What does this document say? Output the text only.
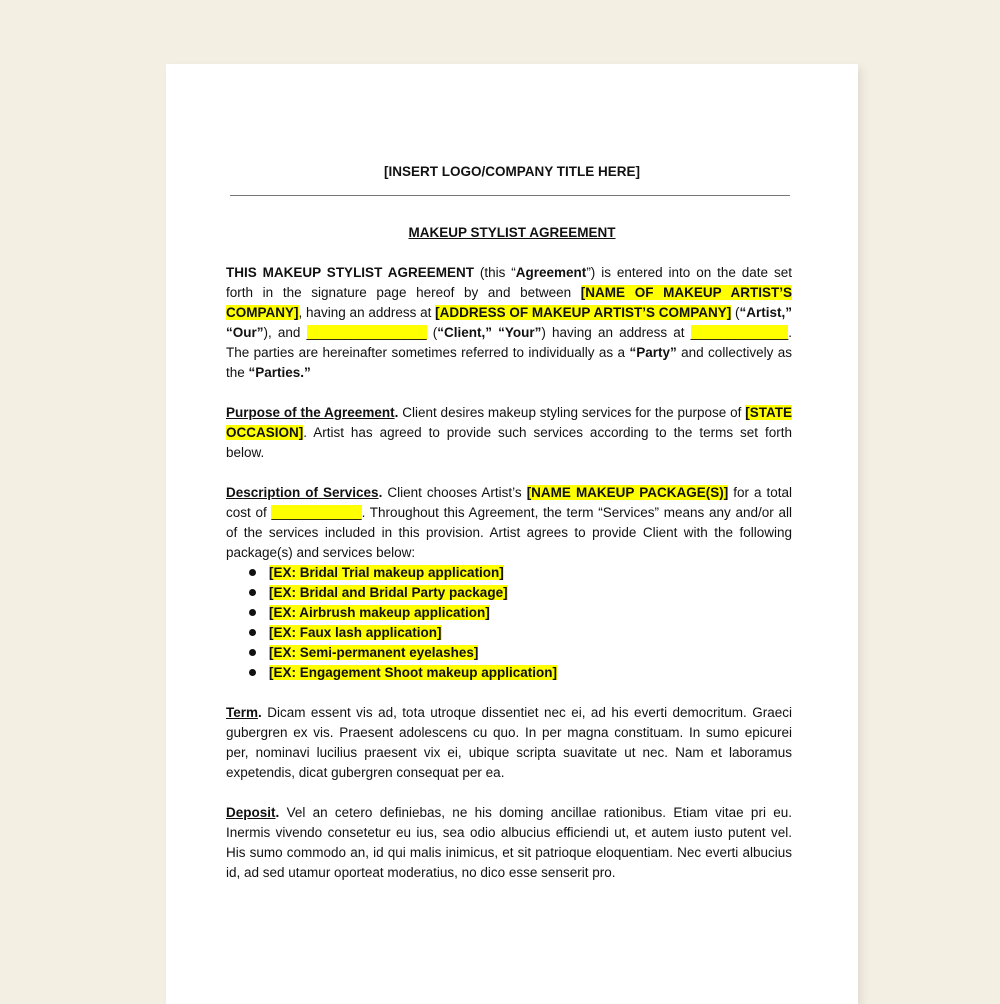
[INSERT LOGO/COMPANY TITLE HERE]
MAKEUP STYLIST AGREEMENT

THIS MAKEUP STYLIST AGREEMENT (this “Agreement”) is entered into on the date set forth in the signature page hereof by and between [NAME OF MAKEUP ARTIST’S COMPANY], having an address at [ADDRESS OF MAKEUP ARTIST’S COMPANY] (“Artist,” “Our”), and ________________ (“Client,” “Your”) having an address at _____________. The parties are hereinafter sometimes referred to individually as a “Party” and collectively as the “Parties.”

Purpose of the Agreement. Client desires makeup styling services for the purpose of [STATE OCCASION]. Artist has agreed to provide such services according to the terms set forth below.

Description of Services. Client chooses Artist’s [NAME MAKEUP PACKAGE(S)] for a total cost of ____________. Throughout this Agreement, the term “Services” means any and/or all of the services included in this provision. Artist agrees to provide Client with the following package(s) and services below:

[EX: Bridal Trial makeup application]
[EX: Bridal and Bridal Party package]
[EX: Airbrush makeup application]
[EX: Faux lash application]
[EX: Semi-permanent eyelashes]
[EX: Engagement Shoot makeup application]

Term. Dicam essent vis ad, tota utroque dissentiet nec ei, ad his everti democritum. Graeci gubergren ex vis. Praesent adolescens cu quo. In per magna constituam. In sumo epicurei per, nominavi lucilius praesent vix ei, ubique scripta suavitate ut nec. Nam et laboramus expetendis, dicat gubergren consequat per ea.

Deposit. Vel an cetero definiebas, ne his doming ancillae rationibus. Etiam vitae pri eu. Inermis vivendo consetetur eu ius, sea odio albucius efficiendi ut, et autem iusto putent vel. His sumo commodo an, id qui malis inimicus, et sit patrioque eloquentiam. Nec everti albucius id, ad sed utamur oporteat moderatius, no dico esse senserit pro.
